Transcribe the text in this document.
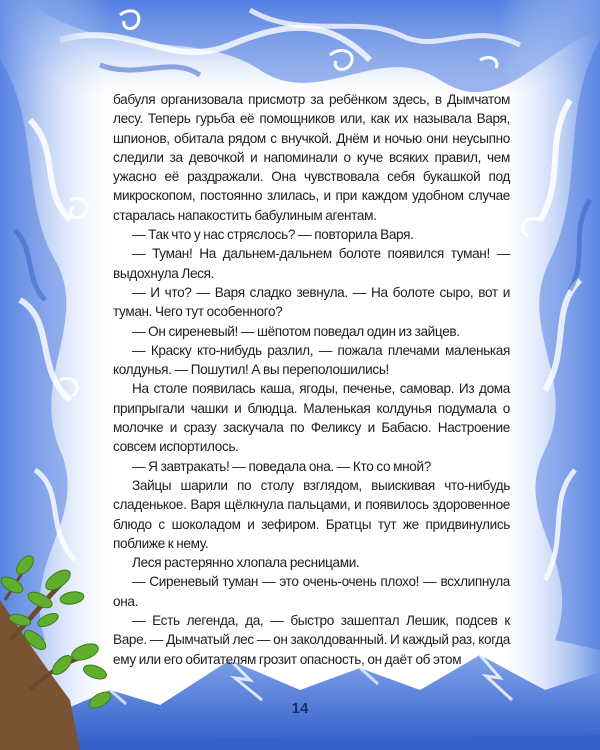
бабуля организовала присмотр за ребёнком здесь, в Дымчатом лесу. Теперь гурьба её помощников или, как их называла Варя, шпионов, обитала рядом с внучкой. Днём и ночью они неусыпно следили за девочкой и напоминали о куче всяких правил, чем ужасно её раздражали. Она чувствовала себя букашкой под микроскопом, постоянно злилась, и при каждом удобном случае старалась напакостить бабулиным агентам.

— Так что у нас стряслось? — повторила Варя.

— Туман! На дальнем-дальнем болоте появился туман! — выдохнула Леся.

— И что? — Варя сладко зевнула. — На болоте сыро, вот и туман. Чего тут особенного?

— Он сиреневый! — шёпотом поведал один из зайцев.

— Краску кто-нибудь разлил, — пожала плечами маленькая колдунья. — Пошутил! А вы переполошились!

На столе появилась каша, ягоды, печенье, самовар. Из дома припрыгали чашки и блюдца. Маленькая колдунья подумала о молочке и сразу заскучала по Феликсу и Бабасю. Настроение совсем испортилось.

— Я завтракать! — поведала она. — Кто со мной?

Зайцы шарили по столу взглядом, выискивая что-нибудь сладенькое. Варя щёлкнула пальцами, и появилось здоровенное блюдо с шоколадом и зефиром. Братцы тут же придвинулись поближе к нему.

Леся растерянно хлопала ресницами.

— Сиреневый туман — это очень-очень плохо! — всхлипнула она.

— Есть легенда, да, — быстро зашептал Лешик, подсев к Варе. — Дымчатый лес — он заколдованный. И каждый раз, когда ему или его обитателям грозит опасность, он даёт об этом

14
